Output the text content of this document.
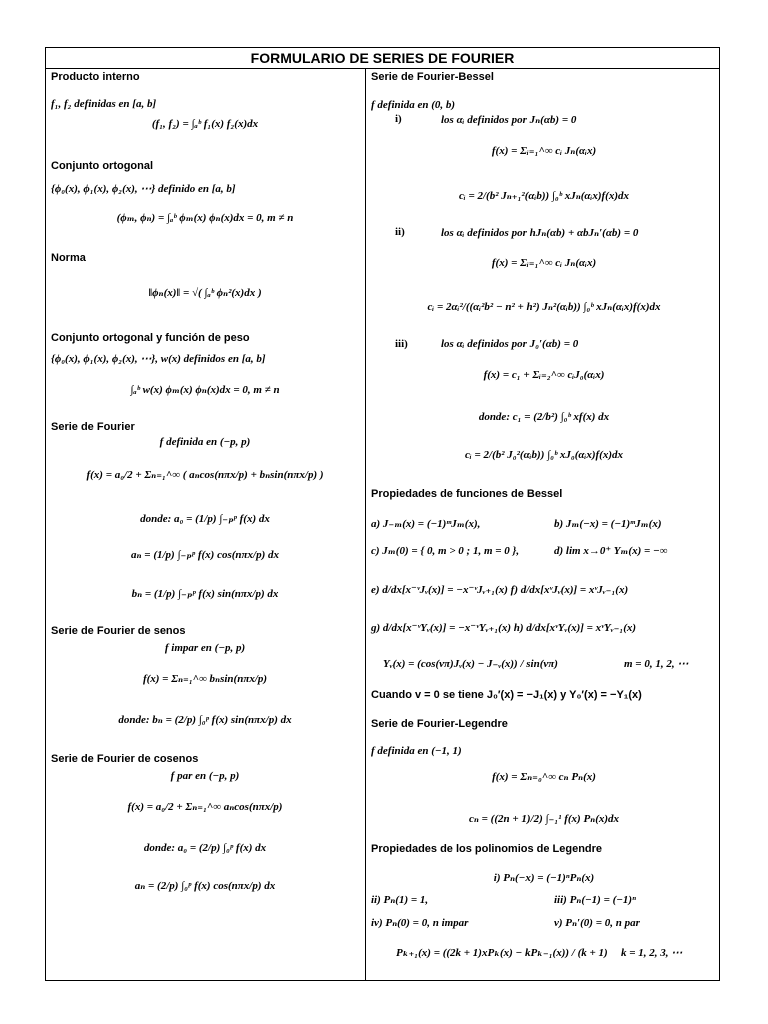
FORMULARIO DE SERIES DE FOURIER
Producto interno
f₁, f₂ definidas en [a, b]
(f₁, f₂) = ∫ₐᵇ f₁(x) f₂(x)dx
Conjunto ortogonal
{ϕ₀(x), ϕ₁(x), ϕ₂(x), ⋯} definido en [a, b]
(ϕₘ, ϕₙ) = ∫ₐᵇ ϕₘ(x) ϕₙ(x)dx = 0, m ≠ n
Norma
‖ϕₙ(x)‖ = √( ∫ₐᵇ ϕₙ²(x)dx )
Conjunto ortogonal y función de peso
{ϕ₀(x), ϕ₁(x), ϕ₂(x), ⋯}, w(x) definidos en [a, b]
∫ₐᵇ w(x) ϕₘ(x) ϕₙ(x)dx = 0, m ≠ n
Serie de Fourier
f definida en (−p, p)
f(x) = a₀/2 + Σₙ₌₁^∞ ( aₙcos(nπx/p) + bₙsin(nπx/p) )
donde: a₀ = (1/p) ∫₋ₚᵖ f(x) dx
aₙ = (1/p) ∫₋ₚᵖ f(x) cos(nπx/p) dx
bₙ = (1/p) ∫₋ₚᵖ f(x) sin(nπx/p) dx
Serie de Fourier de senos
f impar en (−p, p)
f(x) = Σₙ₌₁^∞ bₙsin(nπx/p)
donde: bₙ = (2/p) ∫₀ᵖ f(x) sin(nπx/p) dx
Serie de Fourier de cosenos
f par en (−p, p)
f(x) = a₀/2 + Σₙ₌₁^∞ aₙcos(nπx/p)
donde: a₀ = (2/p) ∫₀ᵖ f(x) dx
aₙ = (2/p) ∫₀ᵖ f(x) cos(nπx/p) dx
Serie de Fourier-Bessel
f definida en (0, b)
i)	los αᵢ definidos por Jₙ(αb) = 0
f(x) = Σᵢ₌₁^∞ cᵢ Jₙ(αᵢx)
cᵢ = 2/(b² Jₙ₊₁²(αᵢb)) ∫₀ᵇ xJₙ(αᵢx)f(x)dx
ii)	los αᵢ definidos por hJₙ(αb) + αbJₙ′(αb) = 0
f(x) = Σᵢ₌₁^∞ cᵢ Jₙ(αᵢx)
cᵢ = 2αᵢ²/((αᵢ²b² − n² + h²) Jₙ²(αᵢb)) ∫₀ᵇ xJₙ(αᵢx)f(x)dx
iii)	los αᵢ definidos por J₀′(αb) = 0
f(x) = c₁ + Σᵢ₌₂^∞ cᵢJ₀(αᵢx)
donde: c₁ = (2/b²) ∫₀ᵇ xf(x) dx
cᵢ = 2/(b² J₀²(αᵢb)) ∫₀ᵇ xJ₀(αᵢx)f(x)dx
Propiedades de funciones de Bessel
a) J₋ₘ(x) = (−1)ᵐJₘ(x),	b) Jₘ(−x) = (−1)ᵐJₘ(x)
c) Jₘ(0) = { 0, m > 0 ; 1, m = 0 },	d) lim x→0⁺ Yₘ(x) = −∞
e) d/dx[x⁻ᵛJᵥ(x)] = −x⁻ᵛJᵥ₊₁(x) f) d/dx[xᵛJᵥ(x)] = xᵛJᵥ₋₁(x)
g) d/dx[x⁻ᵛYᵥ(x)] = −x⁻ᵛYᵥ₊₁(x) h) d/dx[xᵛYᵥ(x)] = xᵛYᵥ₋₁(x)
Yᵥ(x) = (cos(vπ)Jᵥ(x) − J₋ᵥ(x)) / sin(vπ)	m = 0, 1, 2, ⋯
Cuando v = 0 se tiene J₀′(x) = −J₁(x) y Y₀′(x) = −Y₁(x)
Serie de Fourier-Legendre
f definida en (−1, 1)
f(x) = Σₙ₌₀^∞ cₙ Pₙ(x)
cₙ = ((2n + 1)/2) ∫₋₁¹ f(x) Pₙ(x)dx
Propiedades de los polinomios de Legendre
i) Pₙ(−x) = (−1)ⁿPₙ(x)
ii) Pₙ(1) = 1,	iii) Pₙ(−1) = (−1)ⁿ
iv) Pₙ(0) = 0, n impar	v) Pₙ′(0) = 0, n par
Pₖ₊₁(x) = ((2k + 1)xPₖ(x) − kPₖ₋₁(x)) / (k + 1) k = 1, 2, 3, ⋯
